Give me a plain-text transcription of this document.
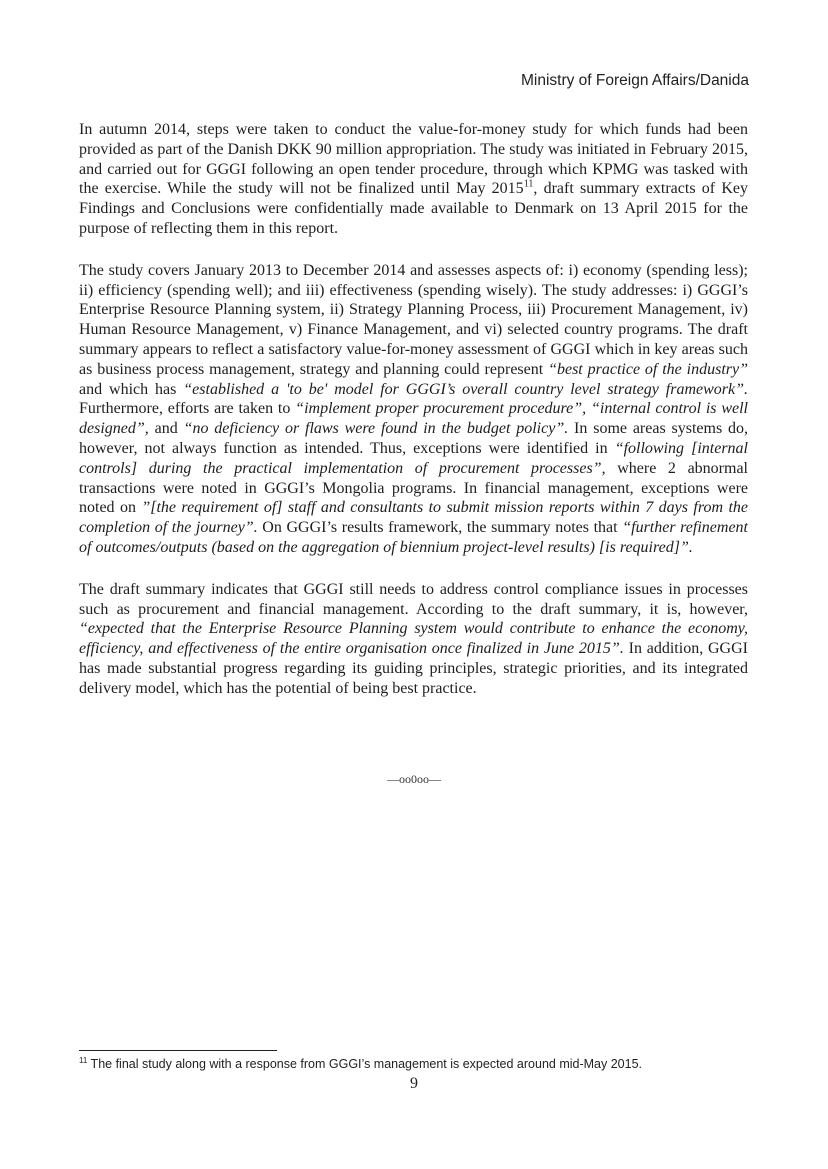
Ministry of Foreign Affairs/Danida

In autumn 2014, steps were taken to conduct the value-for-money study for which funds had been provided as part of the Danish DKK 90 million appropriation. The study was initiated in February 2015, and carried out for GGGI following an open tender procedure, through which KPMG was tasked with the exercise. While the study will not be finalized until May 2015$^{11}$, draft summary extracts of Key Findings and Conclusions were confidentially made available to Denmark on 13 April 2015 for the purpose of reflecting them in this report.

The study covers January 2013 to December 2014 and assesses aspects of: i) economy (spending less); ii) efficiency (spending well); and iii) effectiveness (spending wisely). The study addresses: i) GGGI’s Enterprise Resource Planning system, ii) Strategy Planning Process, iii) Procurement Management, iv) Human Resource Management, v) Finance Management, and vi) selected country programs. The draft summary appears to reflect a satisfactory value-for-money assessment of GGGI which in key areas such as business process management, strategy and planning could represent “best practice of the industry” and which has “established a 'to be' model for GGGI’s overall country level strategy framework”. Furthermore, efforts are taken to “implement proper procurement procedure”, “internal control is well designed”, and “no deficiency or flaws were found in the budget policy”. In some areas systems do, however, not always function as intended. Thus, exceptions were identified in “following [internal controls] during the practical implementation of procurement processes”, where 2 abnormal transactions were noted in GGGI’s Mongolia programs. In financial management, exceptions were noted on ”[the requirement of] staff and consultants to submit mission reports within 7 days from the completion of the journey”. On GGGI’s results framework, the summary notes that “further refinement of outcomes/outputs (based on the aggregation of biennium project-level results) [is required]”.

The draft summary indicates that GGGI still needs to address control compliance issues in processes such as procurement and financial management. According to the draft summary, it is, however, “expected that the Enterprise Resource Planning system would contribute to enhance the economy, efficiency, and effectiveness of the entire organisation once finalized in June 2015”. In addition, GGGI has made substantial progress regarding its guiding principles, strategic priorities, and its integrated delivery model, which has the potential of being best practice.

—oo0oo—
$^{11}$ The final study along with a response from GGGI’s management is expected around mid-May 2015.
9
